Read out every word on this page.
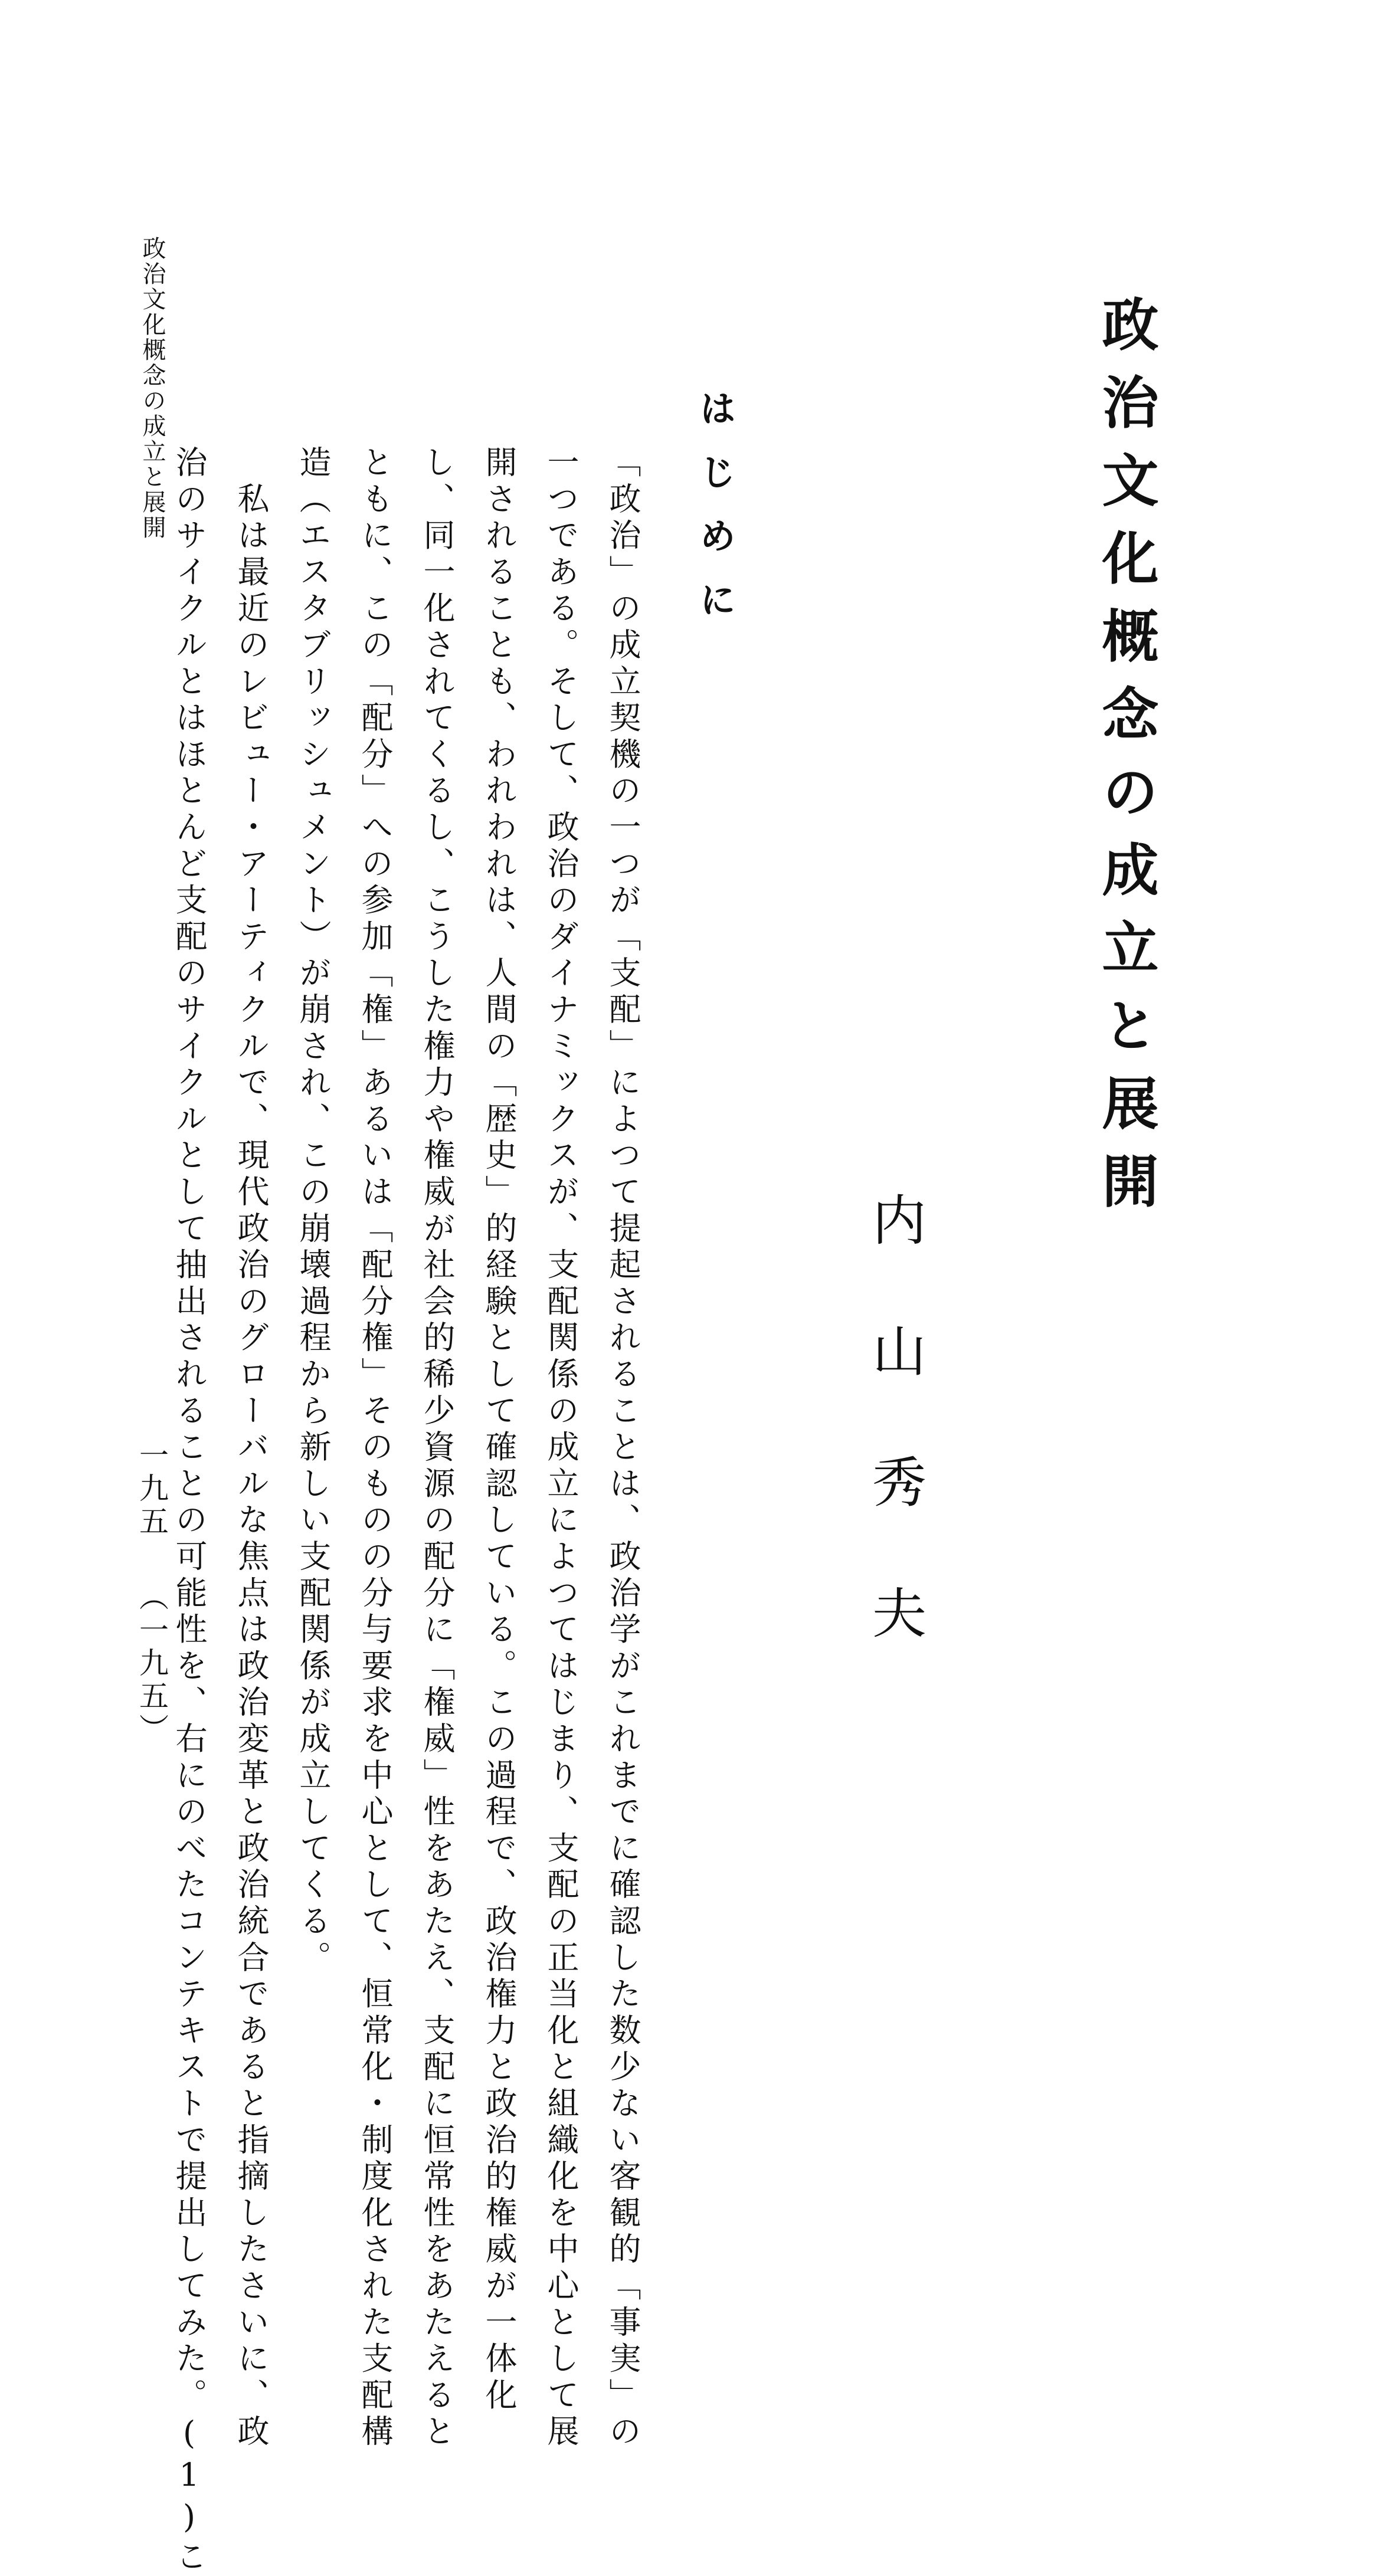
政治文化概念の成立と展開
内山秀夫
はじめに

「政治」の成立契機の一つが「支配」によつて提起されることは、政治学がこれまでに確認した数少ない客観的「事実」の

一つである。そして、政治のダイナミックスが、支配関係の成立によつてはじまり、支配の正当化と組織化を中心として展

開されることも、われわれは、人間の「歴史」的経験として確認している。この過程で、政治権力と政治的権威が一体化

し、同一化されてくるし、こうした権力や権威が社会的稀少資源の配分に「権威」性をあたえ、支配に恒常性をあたえると

ともに、この「配分」への参加「権」あるいは「配分権」そのものの分与要求を中心として、恒常化・制度化された支配構

造（エスタブリッシュメント）が崩され、この崩壊過程から新しい支配関係が成立してくる。

　私は最近のレビュー・アーティクルで、現代政治のグローバルな焦点は政治変革と政治統合であると指摘したさいに、政

治のサイクルとはほとんど支配のサイクルとして抽出されることの可能性を、右にのべたコンテキストで提出してみた。(1)こ

政治文化概念の成立と展開
一九五
（一九五）
